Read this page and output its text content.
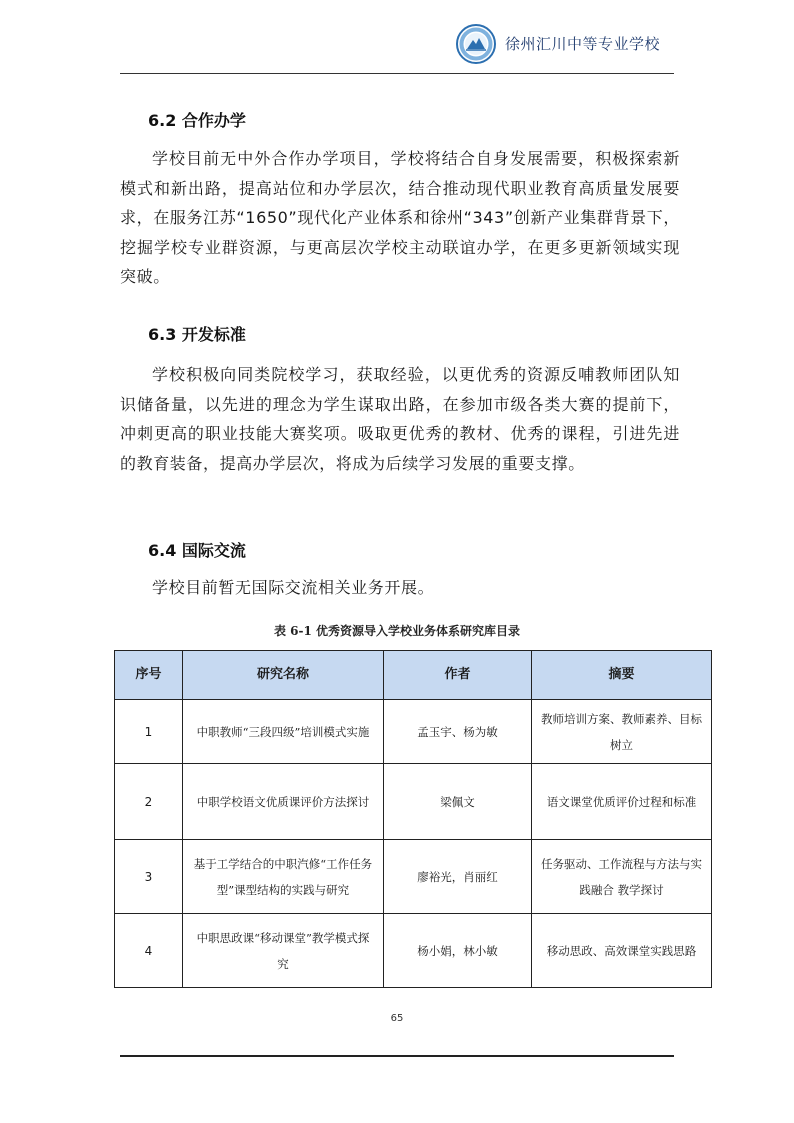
徐州汇川中等专业学校
6.2 合作办学
学校目前无中外合作办学项目，学校将结合自身发展需要，积极探索新模式和新出路，提高站位和办学层次，结合推动现代职业教育高质量发展要求，在服务江苏“1650”现代化产业体系和徐州“343”创新产业集群背景下，挖掘学校专业群资源，与更高层次学校主动联谊办学，在更多更新领域实现突破。
6.3 开发标准
学校积极向同类院校学习，获取经验，以更优秀的资源反哺教师团队知识储备量，以先进的理念为学生谋取出路，在参加市级各类大赛的提前下，冲刺更高的职业技能大赛奖项。吸取更优秀的教材、优秀的课程，引进先进的教育装备，提高办学层次，将成为后续学习发展的重要支撑。
6.4 国际交流
学校目前暂无国际交流相关业务开展。
表 6-1 优秀资源导入学校业务体系研究库目录
序号	研究名称	作者	摘要
1	中职教师“三段四级”培训模式实施	孟玉宇、杨为敏	教师培训方案、教师素养、目标树立
2	中职学校语文优质课评价方法探讨	梁佩文	语文课堂优质评价过程和标准
3	基于工学结合的中职汽修“工作任务型”课型结构的实践与研究	廖裕光，肖丽红	任务驱动、工作流程与方法与实践融合 教学探讨
4	中职思政课“移动课堂”教学模式探究	杨小娟，林小敏	移动思政、高效课堂实践思路
65
